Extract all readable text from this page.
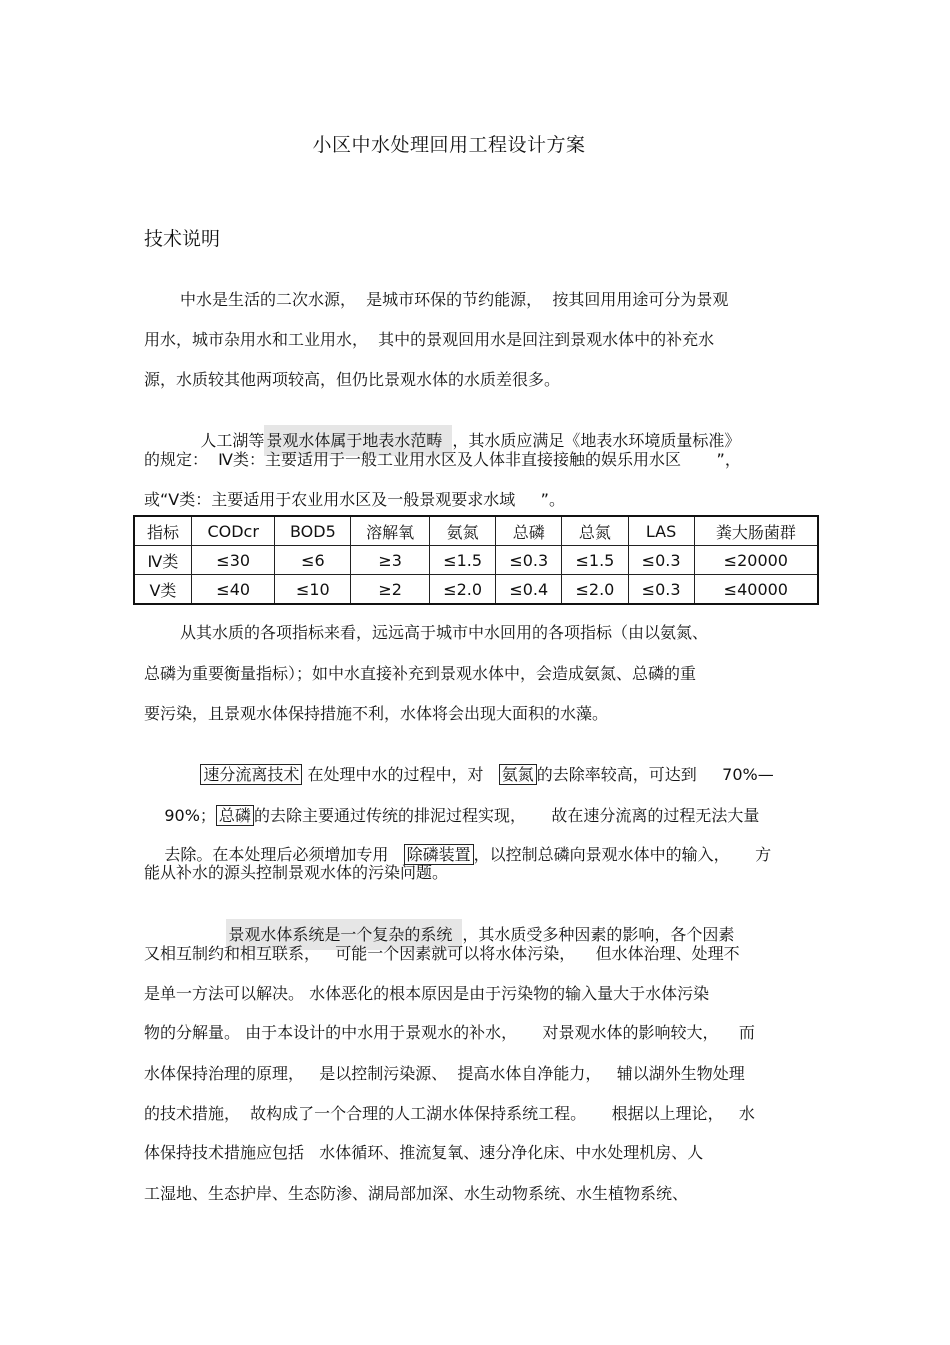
小区中水处理回用工程设计方案
技术说明
中水是生活的二次水源，  是城市环保的节约能源，  按其回用用途可分为景观
用水，城市杂用水和工业用水，  其中的景观回用水是回注到景观水体中的补充水
源，水质较其他两项较高，但仍比景观水体的水质差很多。

人工湖等 景观水体属于地表水范畴 ，其水质应满足《地表水环境质量标准》

的规定：  Ⅳ类：主要适用于一般工业用水区及人体非直接接触的娱乐用水区       ”，
或“Ⅴ类：主要适用于农业用水区及一般景观要求水域     ”。
指标	CODcr	BOD5	溶解氧	氨氮	总磷	总氮	LAS	粪大肠菌群
Ⅳ类	≤30	≤6	≥3	≤1.5	≤0.3	≤1.5	≤0.3	≤20000
Ⅴ类	≤40	≤10	≥2	≤2.0	≤0.4	≤2.0	≤0.3	≤40000
从其水质的各项指标来看，远远高于城市中水回用的各项指标（由以氨氮、
总磷为重要衡量指标）；如中水直接补充到景观水体中，会造成氨氮、总磷的重
要污染，且景观水体保持措施不利，水体将会出现大面积的水藻。

速分流离技术 在处理中水的过程中，对 氨氮 的去除率较高，可达到     70%—

90%； 总磷 的去除主要通过传统的排泥过程实现，     故在速分流离的过程无法大量

去除。在本处理后必须增加专用 除磷装置 ，以控制总磷向景观水体中的输入，     方

能从补水的源头控制景观水体的污染问题。

景观水体系统是一个复杂的系统 ，其水质受多种因素的影响，各个因素

又相互制约和相互联系，   可能一个因素就可以将水体污染，    但水体治理、处理不
是单一方法可以解决。 水体恶化的根本原因是由于污染物的输入量大于水体污染
物的分解量。 由于本设计的中水用于景观水的补水，     对景观水体的影响较大，    而
水体保持治理的原理，   是以控制污染源、  提高水体自净能力，   辅以湖外生物处理
的技术措施，  故构成了一个合理的人工湖水体保持系统工程。     根据以上理论，   水
体保持技术措施应包括   水体循环、推流复氧、速分净化床、中水处理机房、人
工湿地、生态护岸、生态防渗、湖局部加深、水生动物系统、水生植物系统、
